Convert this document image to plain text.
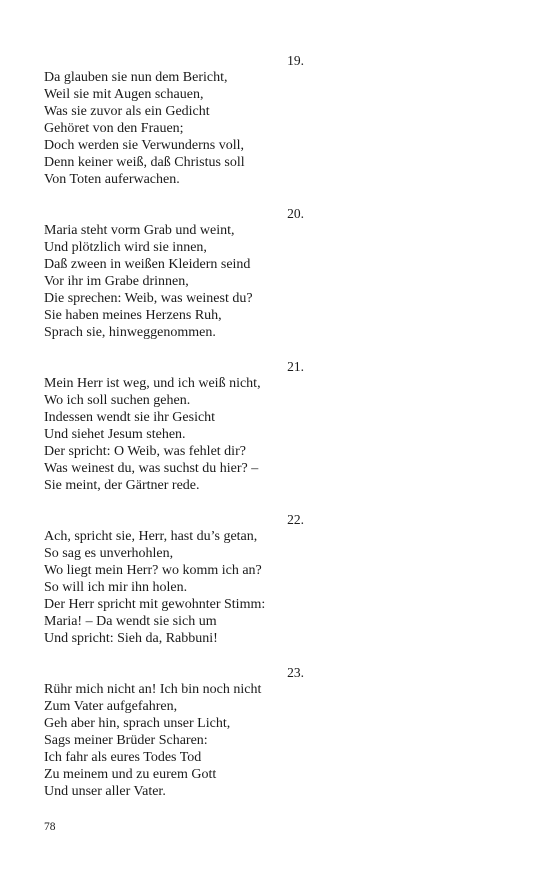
19.
Da glauben sie nun dem Bericht,
Weil sie mit Augen schauen,
Was sie zuvor als ein Gedicht
Gehöret von den Frauen;
Doch werden sie Verwunderns voll,
Denn keiner weiß, daß Christus soll
Von Toten auferwachen.
20.
Maria steht vorm Grab und weint,
Und plötzlich wird sie innen,
Daß zween in weißen Kleidern seind
Vor ihr im Grabe drinnen,
Die sprechen: Weib, was weinest du?
Sie haben meines Herzens Ruh,
Sprach sie, hinweggenommen.
21.
Mein Herr ist weg, und ich weiß nicht,
Wo ich soll suchen gehen.
Indessen wendt sie ihr Gesicht
Und siehet Jesum stehen.
Der spricht: O Weib, was fehlet dir?
Was weinest du, was suchst du hier? –
Sie meint, der Gärtner rede.
22.
Ach, spricht sie, Herr, hast du’s getan,
So sag es unverhohlen,
Wo liegt mein Herr? wo komm ich an?
So will ich mir ihn holen.
Der Herr spricht mit gewohnter Stimm:
Maria! – Da wendt sie sich um
Und spricht: Sieh da, Rabbuni!
23.
Rühr mich nicht an! Ich bin noch nicht
Zum Vater aufgefahren,
Geh aber hin, sprach unser Licht,
Sags meiner Brüder Scharen:
Ich fahr als eures Todes Tod
Zu meinem und zu eurem Gott
Und unser aller Vater.
78
